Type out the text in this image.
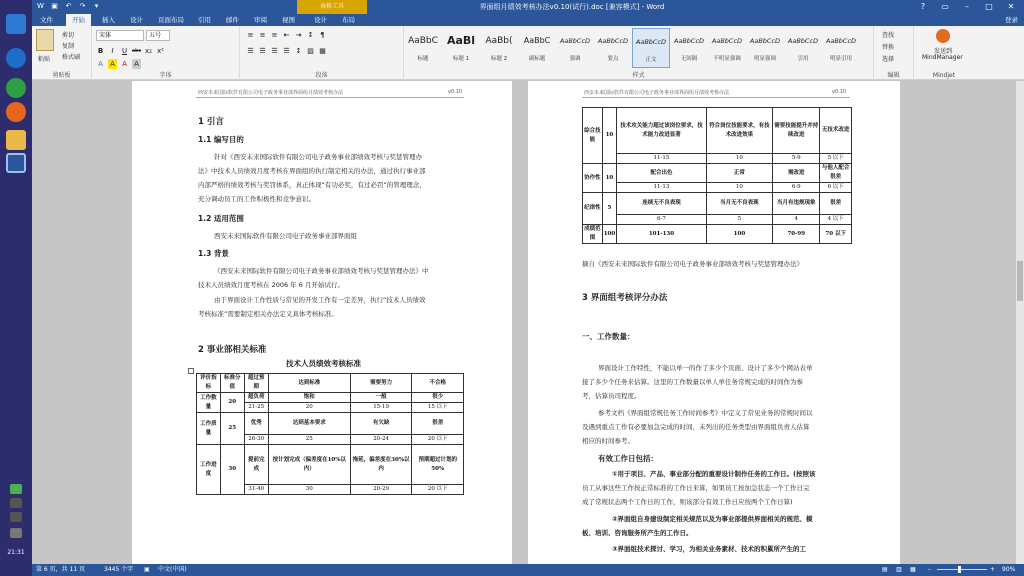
21:31
W ▣ ↶ ↷	▾	表格工具	界面组月绩效考核办法v0.10(试行).doc [兼容模式] - Word	?	▭	–	□	✕
文件	开始	插入	设计	页面布局	引用	邮件	审阅	视图	设计	布局	登录
粘贴
剪切
复制
格式刷
剪贴板
宋体	五号
B	I	U abc x₂ x²
A	A	A	A
字体
≡ ≡ ≡ ⇤ ⇥ ↕ ¶
☰ ☰ ☰ ☰ ↕ ▨ ▦
段落
AaBbC
标题
AaBl
标题 1
AaBb(
标题 2
AaBbC
副标题
AaBbCcD
强调
AaBbCcD
要点
AaBbCcD
正文
AaBbCcD
无间隔
AaBbCcD
不明显强调
AaBbCcD
明显强调
AaBbCcD
引用
AaBbCcD
明显引用
样式
查找
替换
选择
编辑
发送到
MindManager
Mindjet
西安未来国际软件有限公司电子政务事业部界面组月绩效考核办法	v0.10
1 引言
1.1 编写目的
针对《西安未来国际软件有限公司电子政务事业部绩效考核与奖惩管理办
法》中技术人员绩效月度考核在界面组的执行制定相关的办法，通过执行事业部
内部严格的绩效考核与奖罚体系，真正体现“有功必奖，有过必罚”的管理理念，
充分调动员工的工作积极性和竞争意识。
1.2 适用范围
西安未来国际软件有限公司电子政务事业部界面组
1.3 背景
《西安未来国际软件有限公司电子政务事业部绩效考核与奖惩管理办法》中
技术人员绩效月度考核在 2006 年 6 月开始试行。
由于界面设计工作性质与常见的开发工作有一定差异，执行“技术人员绩效
考核标准”需要制定相关办法定义具体考核标准。
2 事业部相关标准
技术人员绩效考核标准
评价指标	标准分值	超过预期	达到标准	需要努力	不合格
工作数量	20	超负荷	饱和	一般	很少
		21-25	20	15-19	15 以下
工作质量	25	优秀	达到基本要求	有欠缺	很差
		26-30	25	20-24	20 以下
工作进度	30	提前完成	按计划完成（偏差度在10%以内）	拖延，偏差度在30%以内	预期超过计划的50%
		31-40	30	20-29	20 以下
西安未来国际软件有限公司电子政务事业部界面组月绩效考核办法	v0.10
综合技能	10	技术攻关能力超过该岗位要求，技术能力改进显著	符合岗位技能要求，有技术改进效果	需要技能提升并持续改进	无技术改进
		11-15	10	5-9	5 以下
协作性	10	配合出色	正常	需改进	与他人配合很差
		11-13	10	6-9	6 以下
纪律性	5	连续无不良表现	当月无不良表现	当月有违规现象	很差
		6-7	5	4	4 以下
成绩范围	100	101-130	100	70-99	70 以下
摘自《西安未来国际软件有限公司电子政务事业部绩效考核与奖惩管理办法》
3 界面组考核评分办法
一、工作数量：
界面设计工作特性，不能以单一的作了多少个页面、设计了多少个网站表单
接了多少个任务来估算。这里的工作数量以单人单任务常规完成的时间作为参
考，估算员司程度。
参考文档《界面组常规任务工作时间参考》中定义了常见业务的常规时间以
及遇到重点工作有必要加急完成的时间，未列出的任务类型由界面组负责人估算
相应的时间参考。
有效工作日包括：
①用于项目、产品、事业部分配的重要设计制作任务的工作日。(按照该
员工从事这些工作按正常标准的工作日来算，如果员工按加急状态一个工作日完
成了常规状态两个工作日的工作，则该部分有效工作日应按两个工作日算)
②界面组自身建设制定相关规范以及为事业部提供界面相关的规范、模
板、培训、咨询服务所产生的工作日。
③界面组技术探讨、学习，为相关业务素材、技术的积累所产生的工
第 6 页，共 11 页	3445 个字 ▣ 中文(中国)	▤ ▥ ▦ –	+ 90%
